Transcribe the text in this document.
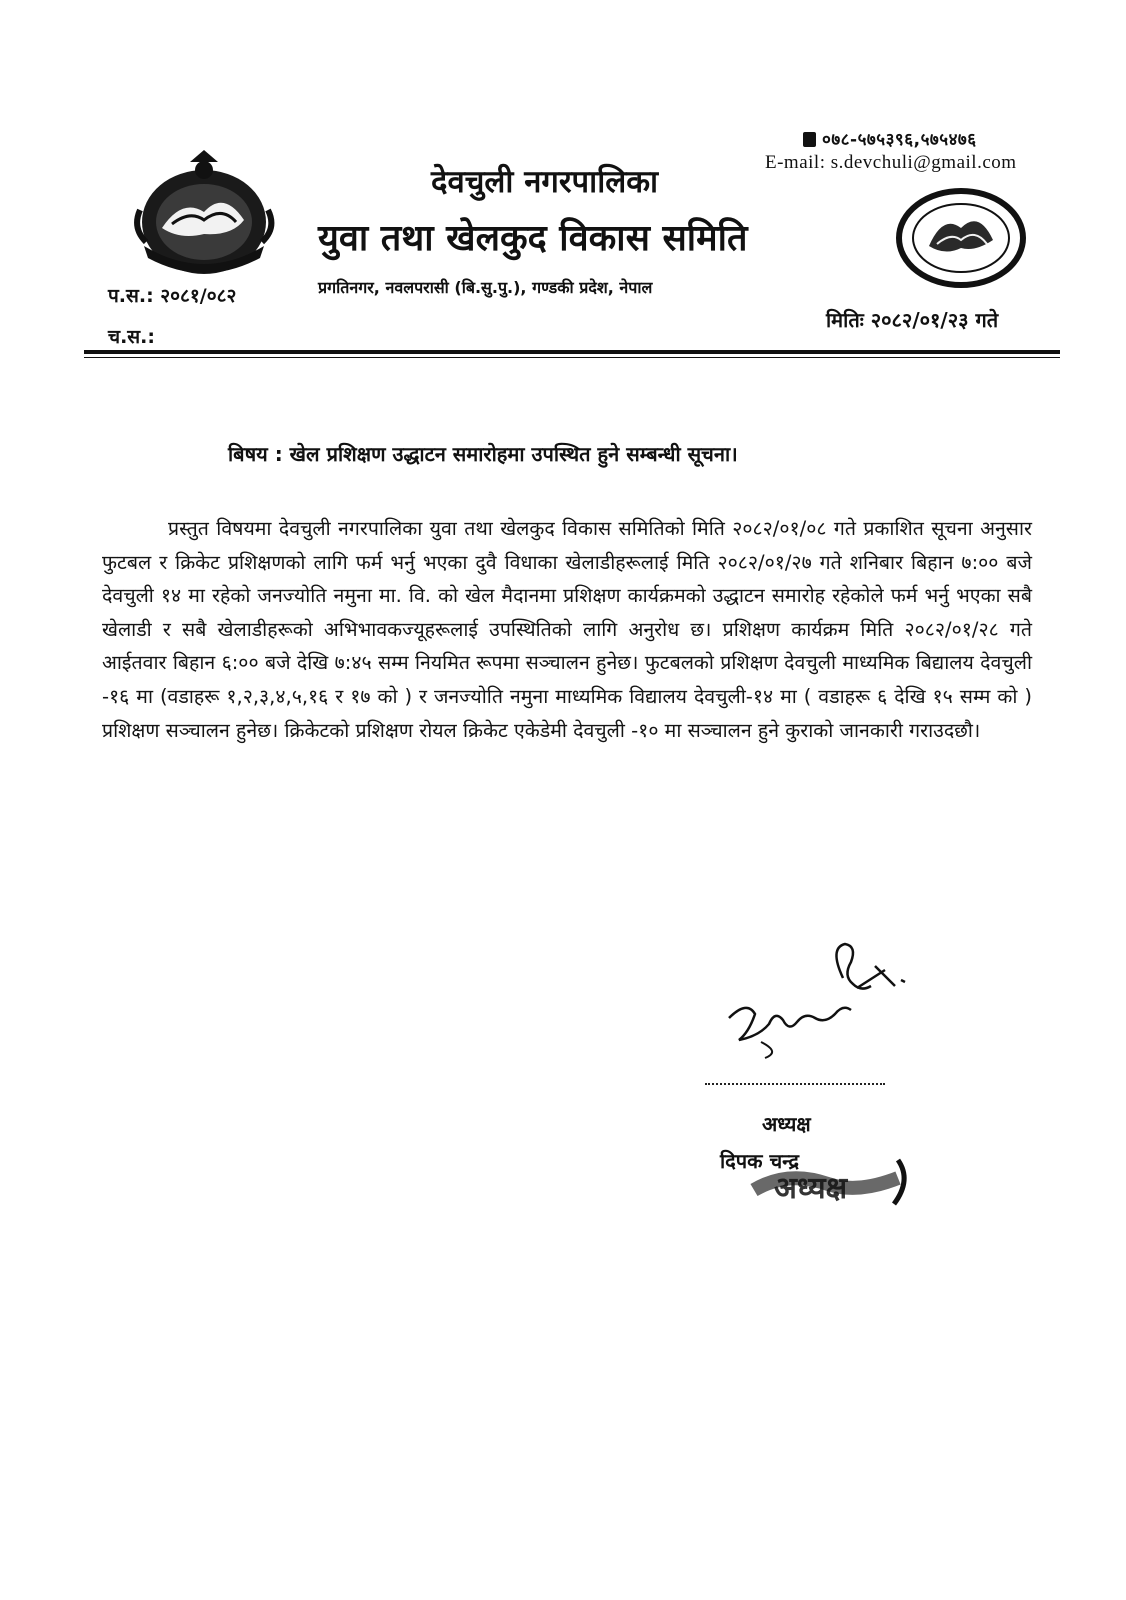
०७८-५७५३९६,५७५४७६
E-mail: s.devchuli@gmail.com
देवचुली नगरपालिका
युवा तथा खेलकुद विकास समिति
प्रगतिनगर, नवलपरासी (बि.सु.पु.), गण्डकी प्रदेश, नेपाल
प.स.: २०८१/०८२
च.स.:
मितिः २०८२/०१/२३ गते
बिषय : खेल प्रशिक्षण उद्धाटन समारोहमा उपस्थित हुने सम्बन्धी सूचना।
प्रस्तुत विषयमा देवचुली नगरपालिका युवा तथा खेलकुद विकास समितिको मिति २०८२/०१/०८ गते प्रकाशित सूचना अनुसार फुटबल र क्रिकेट प्रशिक्षणको लागि फर्म भर्नु भएका दुवै विधाका खेलाडीहरूलाई मिति २०८२/०१/२७ गते शनिबार बिहान ७:०० बजे देवचुली १४ मा रहेको जनज्योति नमुना मा. वि. को खेल मैदानमा प्रशिक्षण कार्यक्रमको उद्धाटन समारोह रहेकोले फर्म भर्नु भएका सबै खेलाडी र सबै खेलाडीहरूको अभिभावकज्यूहरूलाई उपस्थितिको लागि अनुरोध छ। प्रशिक्षण कार्यक्रम मिति २०८२/०१/२८ गते आईतवार बिहान ६:०० बजे देखि ७:४५ सम्म नियमित रूपमा सञ्चालन हुनेछ। फुटबलको प्रशिक्षण देवचुली माध्यमिक बिद्यालय देवचुली -१६ मा (वडाहरू १,२,३,४,५,१६ र १७ को ) र जनज्योति नमुना माध्यमिक विद्यालय देवचुली-१४ मा ( वडाहरू ६ देखि १५ सम्म को ) प्रशिक्षण सञ्चालन हुनेछ। क्रिकेटको प्रशिक्षण रोयल क्रिकेट एकेडेमी देवचुली -१० मा सञ्चालन हुने कुराको जानकारी गराउदछौ।
अध्यक्ष
दिपक चन्द्र
अध्यक्ष
